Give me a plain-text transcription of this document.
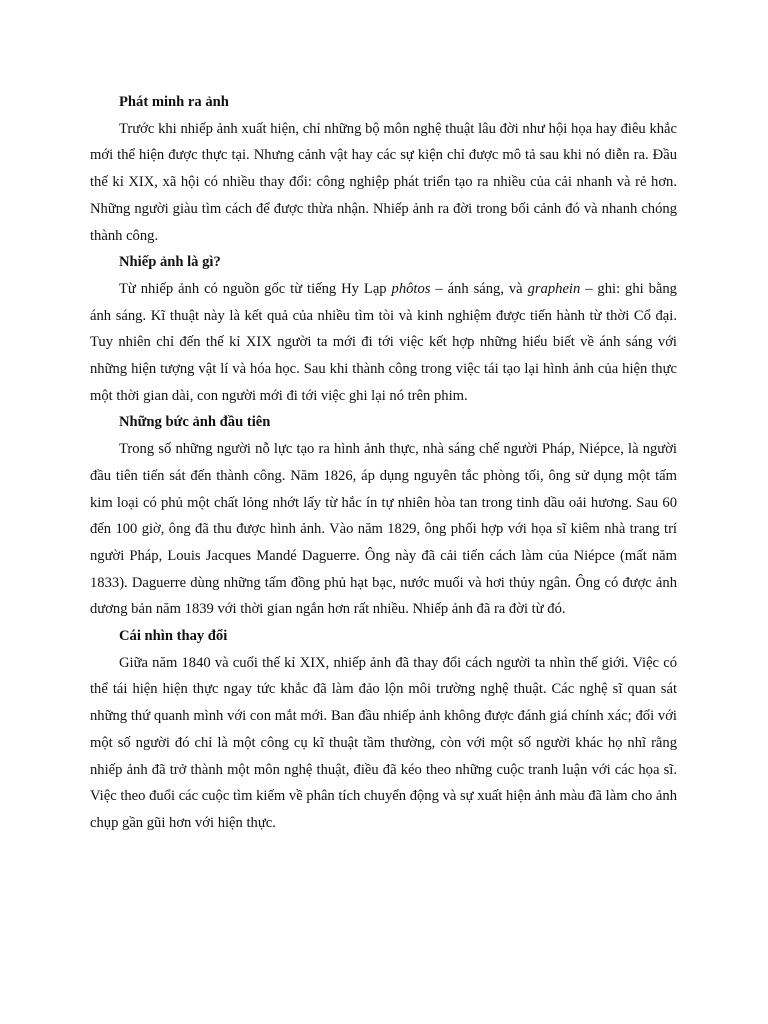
Phát minh ra ảnh
Trước khi nhiếp ảnh xuất hiện, chỉ những bộ môn nghệ thuật lâu đời như hội họa hay điêu khắc mới thể hiện được thực tại. Nhưng cảnh vật hay các sự kiện chỉ được mô tả sau khi nó diễn ra. Đầu thế kỉ XIX, xã hội có nhiều thay đổi: công nghiệp phát triển tạo ra nhiều của cải nhanh và rẻ hơn. Những người giàu tìm cách để được thừa nhận. Nhiếp ảnh ra đời trong bối cảnh đó và nhanh chóng thành công.
Nhiếp ảnh là gì?
Từ nhiếp ảnh có nguồn gốc từ tiếng Hy Lạp phôtos – ánh sáng, và graphein – ghi: ghi bằng ánh sáng. Kĩ thuật này là kết quả của nhiều tìm tòi và kinh nghiệm được tiến hành từ thời Cổ đại. Tuy nhiên chỉ đến thế kỉ XIX người ta mới đi tới việc kết hợp những hiểu biết về ánh sáng với những hiện tượng vật lí và hóa học. Sau khi thành công trong việc tái tạo lại hình ảnh của hiện thực một thời gian dài, con người mới đi tới việc ghi lại nó trên phim.
Những bức ảnh đầu tiên
Trong số những người nỗ lực tạo ra hình ảnh thực, nhà sáng chế người Pháp, Niépce, là người đầu tiên tiến sát đến thành công. Năm 1826, áp dụng nguyên tắc phòng tối, ông sử dụng một tấm kim loại có phủ một chất lỏng nhớt lấy từ hắc ín tự nhiên hòa tan trong tinh dầu oải hương. Sau 60 đến 100 giờ, ông đã thu được hình ảnh. Vào năm 1829, ông phối hợp với họa sĩ kiêm nhà trang trí người Pháp, Louis Jacques Mandé Daguerre. Ông này đã cải tiến cách làm của Niépce (mất năm 1833). Daguerre dùng những tấm đồng phủ hạt bạc, nước muối và hơi thủy ngân. Ông có được ảnh dương bản năm 1839 với thời gian ngắn hơn rất nhiều. Nhiếp ảnh đã ra đời từ đó.
Cái nhìn thay đổi
Giữa năm 1840 và cuối thế kỉ XIX, nhiếp ảnh đã thay đổi cách người ta nhìn thế giới. Việc có thể tái hiện hiện thực ngay tức khắc đã làm đảo lộn môi trường nghệ thuật. Các nghệ sĩ quan sát những thứ quanh mình với con mắt mới. Ban đầu nhiếp ảnh không được đánh giá chính xác; đối với một số người đó chỉ là một công cụ kĩ thuật tầm thường, còn với một số người khác họ nhĩ rằng nhiếp ảnh đã trở thành một môn nghệ thuật, điều đã kéo theo những cuộc tranh luận với các họa sĩ. Việc theo đuổi các cuộc tìm kiếm về phân tích chuyển động và sự xuất hiện ảnh màu đã làm cho ảnh chụp gần gũi hơn với hiện thực.
